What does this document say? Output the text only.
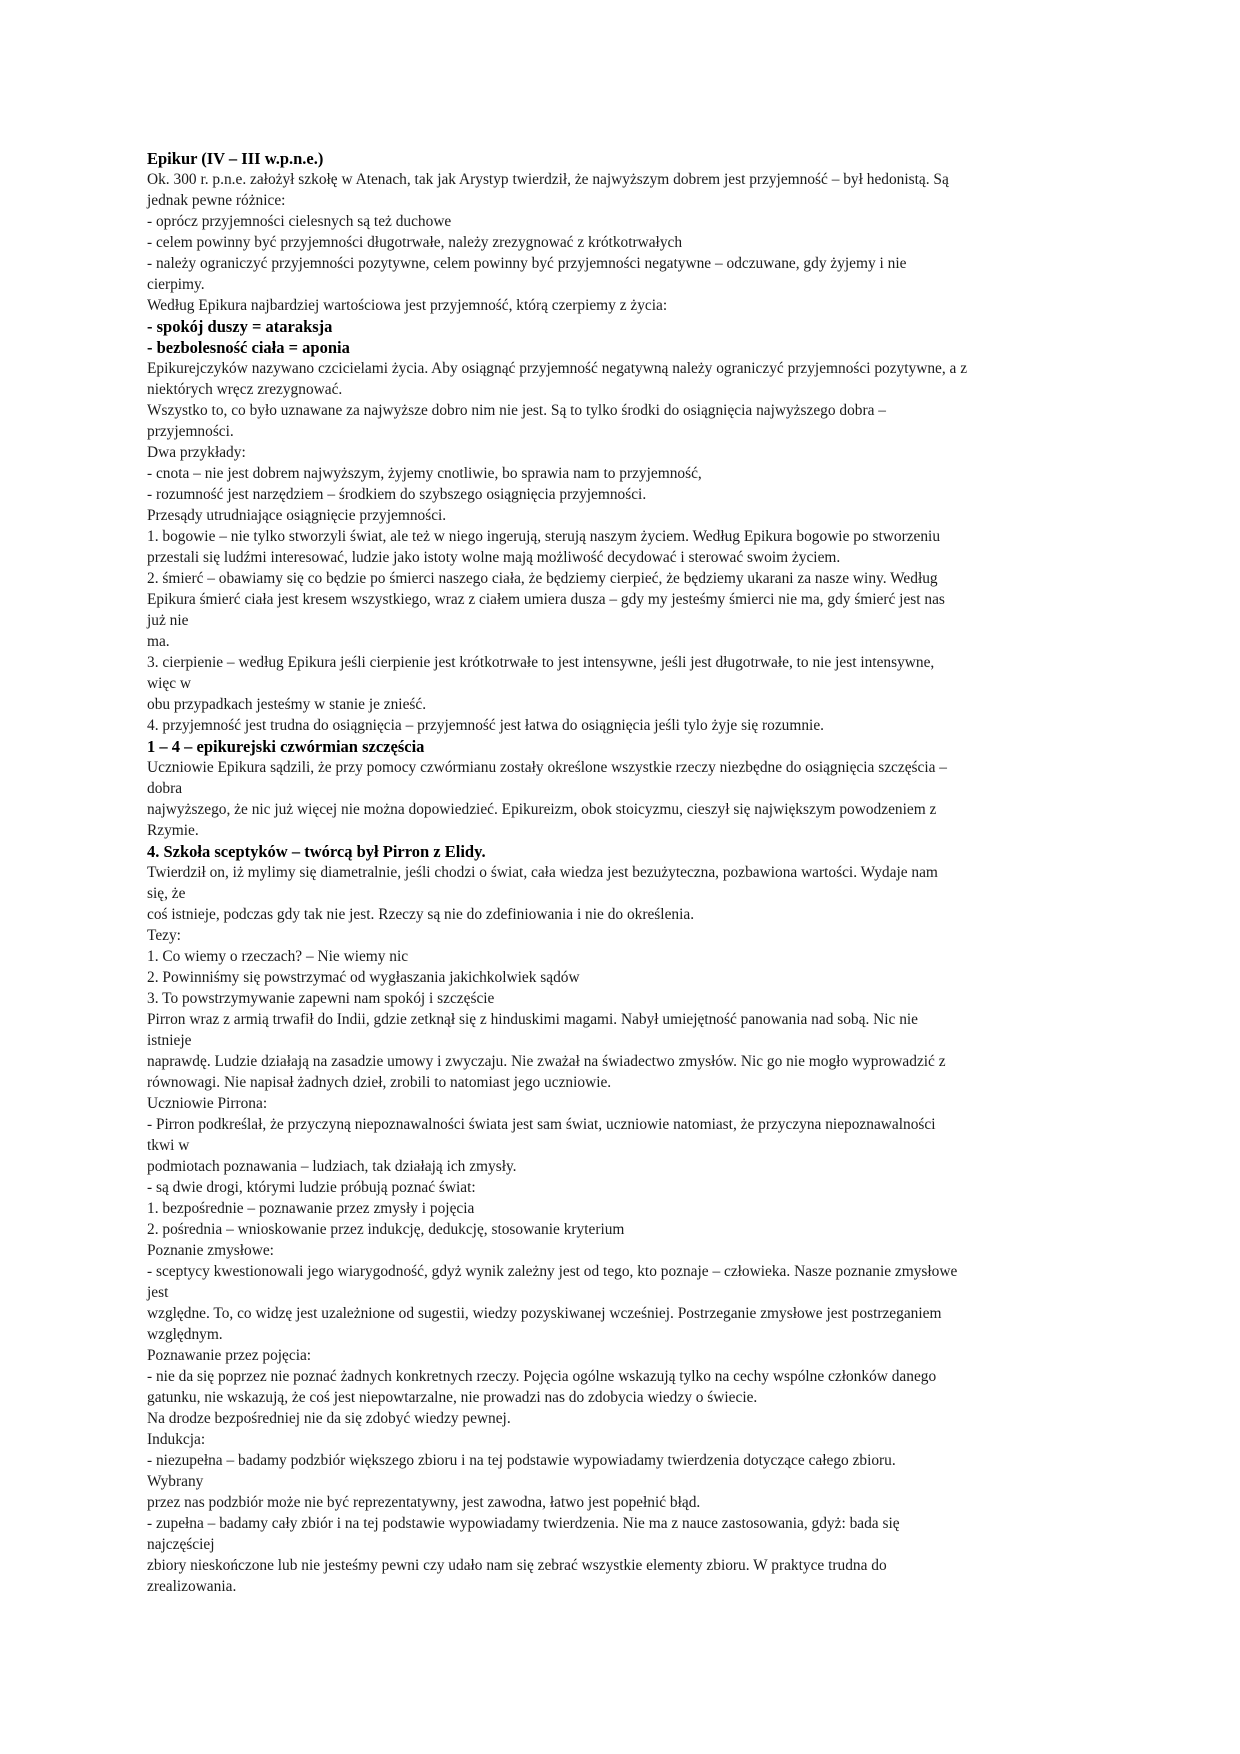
Epikur (IV – III w.p.n.e.)
Ok. 300 r. p.n.e. założył szkołę w Atenach, tak jak Arystyp twierdził, że najwyższym dobrem jest przyjemność – był hedonistą. Są
jednak pewne różnice:
- oprócz przyjemności cielesnych są też duchowe
- celem powinny być przyjemności długotrwałe, należy zrezygnować z krótkotrwałych
- należy ograniczyć przyjemności pozytywne, celem powinny być przyjemności negatywne – odczuwane, gdy żyjemy i nie
cierpimy.
Według Epikura najbardziej wartościowa jest przyjemność, którą czerpiemy z życia:
- spokój duszy = ataraksja
- bezbolesność ciała = aponia
Epikurejczyków nazywano czcicielami życia. Aby osiągnąć przyjemność negatywną należy ograniczyć przyjemności pozytywne, a z
niektórych wręcz zrezygnować.
Wszystko to, co było uznawane za najwyższe dobro nim nie jest. Są to tylko środki do osiągnięcia najwyższego dobra –
przyjemności.
Dwa przykłady:
- cnota – nie jest dobrem najwyższym, żyjemy cnotliwie, bo sprawia nam to przyjemność,
- rozumność jest narzędziem – środkiem do szybszego osiągnięcia przyjemności.
Przesądy utrudniające osiągnięcie przyjemności.
1. bogowie – nie tylko stworzyli świat, ale też w niego ingerują, sterują naszym życiem. Według Epikura bogowie po stworzeniu
przestali się ludźmi interesować, ludzie jako istoty wolne mają możliwość decydować i sterować swoim życiem.
2. śmierć – obawiamy się co będzie po śmierci naszego ciała, że będziemy cierpieć, że będziemy ukarani za nasze winy. Według
Epikura śmierć ciała jest kresem wszystkiego, wraz z ciałem umiera dusza – gdy my jesteśmy śmierci nie ma, gdy śmierć jest nas
już nie
ma.
3. cierpienie – według Epikura jeśli cierpienie jest krótkotrwałe to jest intensywne, jeśli jest długotrwałe, to nie jest intensywne,
więc w
obu przypadkach jesteśmy w stanie je znieść.
4. przyjemność jest trudna do osiągnięcia – przyjemność jest łatwa do osiągnięcia jeśli tylo żyje się rozumnie.
1 – 4 – epikurejski czwórmian szczęścia
Uczniowie Epikura sądzili, że przy pomocy czwórmianu zostały określone wszystkie rzeczy niezbędne do osiągnięcia szczęścia –
dobra
najwyższego, że nic już więcej nie można dopowiedzieć. Epikureizm, obok stoicyzmu, cieszył się największym powodzeniem z
Rzymie.
4. Szkoła sceptyków – twórcą był Pirron z Elidy.
Twierdził on, iż mylimy się diametralnie, jeśli chodzi o świat, cała wiedza jest bezużyteczna, pozbawiona wartości. Wydaje nam
się, że
coś istnieje, podczas gdy tak nie jest. Rzeczy są nie do zdefiniowania i nie do określenia.
Tezy:
1. Co wiemy o rzeczach? – Nie wiemy nic
2. Powinniśmy się powstrzymać od wygłaszania jakichkolwiek sądów
3. To powstrzymywanie zapewni nam spokój i szczęście
Pirron wraz z armią trwafił do Indii, gdzie zetknął się z hinduskimi magami. Nabył umiejętność panowania nad sobą. Nic nie
istnieje
naprawdę. Ludzie działają na zasadzie umowy i zwyczaju. Nie zważał na świadectwo zmysłów. Nic go nie mogło wyprowadzić z
równowagi. Nie napisał żadnych dzieł, zrobili to natomiast jego uczniowie.
Uczniowie Pirrona:
- Pirron podkreślał, że przyczyną niepoznawalności świata jest sam świat, uczniowie natomiast, że przyczyna niepoznawalności
tkwi w
podmiotach poznawania – ludziach, tak działają ich zmysły.
- są dwie drogi, którymi ludzie próbują poznać świat:
1. bezpośrednie – poznawanie przez zmysły i pojęcia
2. pośrednia – wnioskowanie przez indukcję, dedukcję, stosowanie kryterium
Poznanie zmysłowe:
- sceptycy kwestionowali jego wiarygodność, gdyż wynik zależny jest od tego, kto poznaje – człowieka. Nasze poznanie zmysłowe
jest
względne. To, co widzę jest uzależnione od sugestii, wiedzy pozyskiwanej wcześniej. Postrzeganie zmysłowe jest postrzeganiem
względnym.
Poznawanie przez pojęcia:
- nie da się poprzez nie poznać żadnych konkretnych rzeczy. Pojęcia ogólne wskazują tylko na cechy wspólne członków danego
gatunku, nie wskazują, że coś jest niepowtarzalne, nie prowadzi nas do zdobycia wiedzy o świecie.
Na drodze bezpośredniej nie da się zdobyć wiedzy pewnej.
Indukcja:
- niezupełna – badamy podzbiór większego zbioru i na tej podstawie wypowiadamy twierdzenia dotyczące całego zbioru.
Wybrany
przez nas podzbiór może nie być reprezentatywny, jest zawodna, łatwo jest popełnić błąd.
- zupełna – badamy cały zbiór i na tej podstawie wypowiadamy twierdzenia. Nie ma z nauce zastosowania, gdyż: bada się
najczęściej
zbiory nieskończone lub nie jesteśmy pewni czy udało nam się zebrać wszystkie elementy zbioru. W praktyce trudna do
zrealizowania.
